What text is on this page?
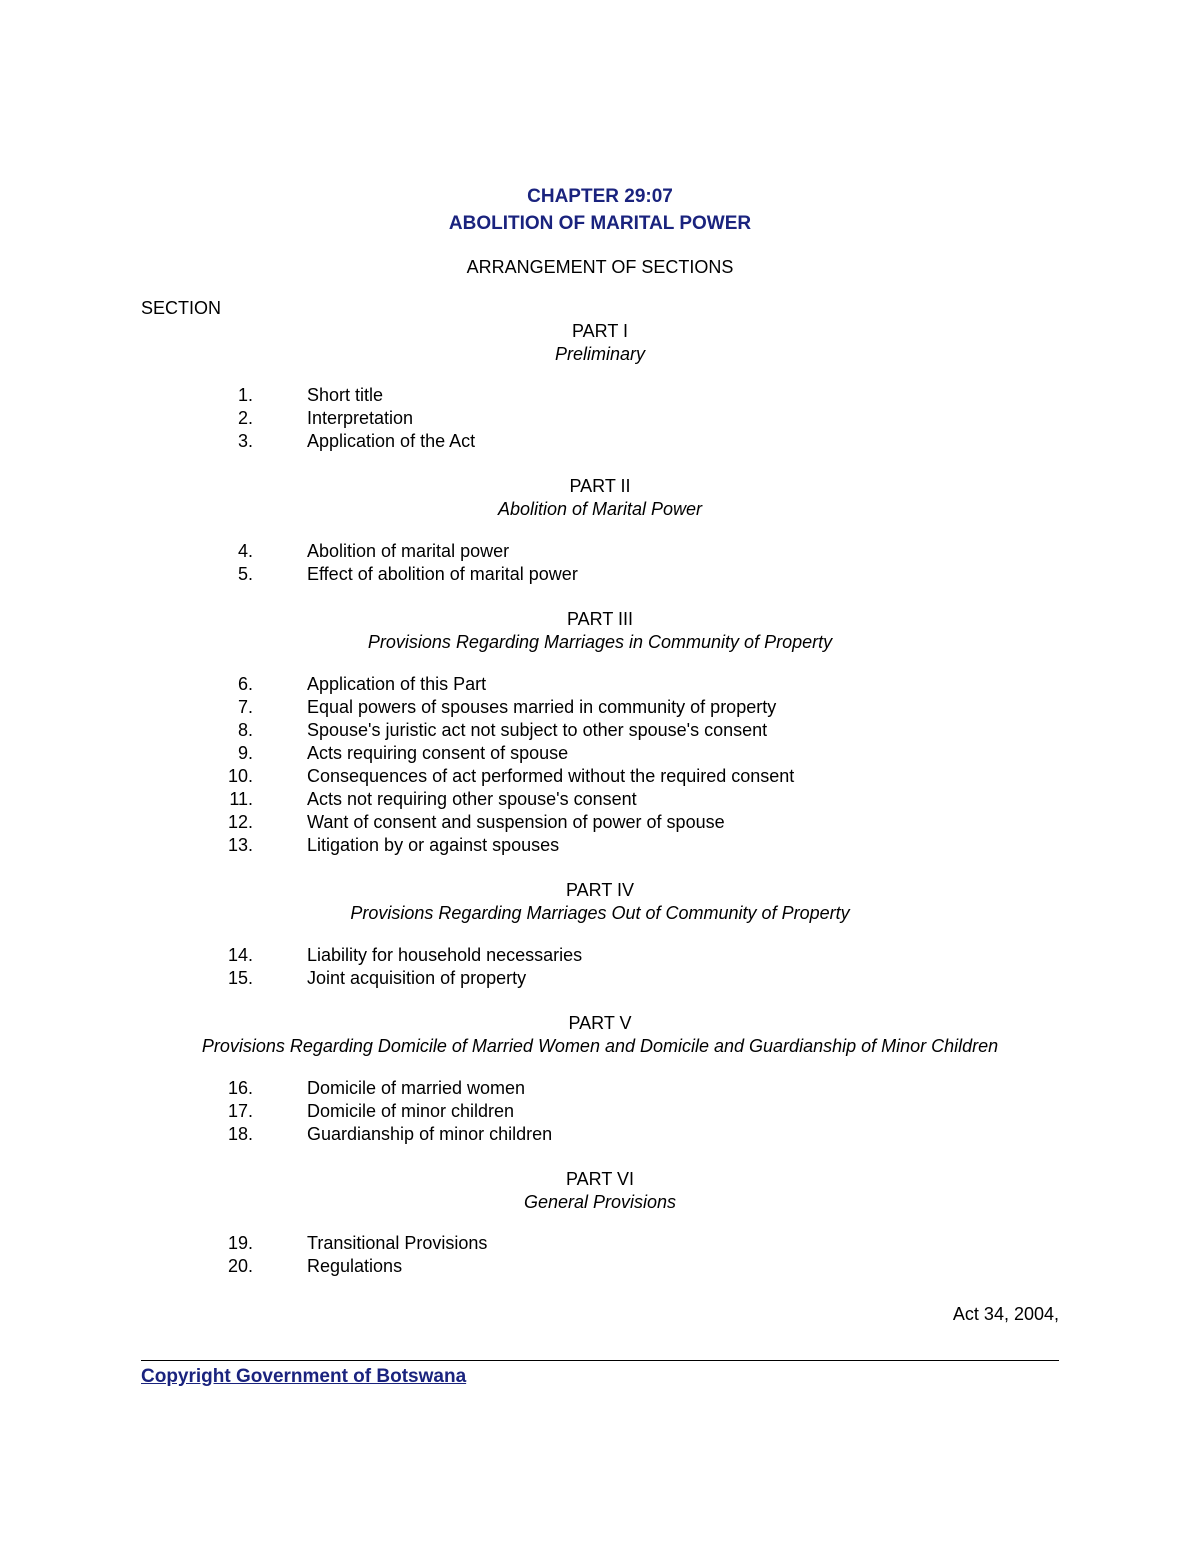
CHAPTER 29:07
ABOLITION OF MARITAL POWER
ARRANGEMENT OF SECTIONS
SECTION
PART I
Preliminary
1.	Short title
2.	Interpretation
3.	Application of the Act
PART II
Abolition of Marital Power
4.	Abolition of marital power
5.	Effect of abolition of marital power
PART III
Provisions Regarding Marriages in Community of Property
6.	Application of this Part
7.	Equal powers of spouses married in community of property
8.	Spouse's juristic act not subject to other spouse's consent
9.	Acts requiring consent of spouse
10.	Consequences of act performed without the required consent
11.	Acts not requiring other spouse's consent
12.	Want of consent and suspension of power of spouse
13.	Litigation by or against spouses
PART IV
Provisions Regarding Marriages Out of Community of Property
14.	Liability for household necessaries
15.	Joint acquisition of property
PART V
Provisions Regarding Domicile of Married Women and Domicile and Guardianship of Minor Children
16.	Domicile of married women
17.	Domicile of minor children
18.	Guardianship of minor children
PART VI
General Provisions
19.	Transitional Provisions
20.	Regulations
Act 34, 2004,
Copyright Government of Botswana
